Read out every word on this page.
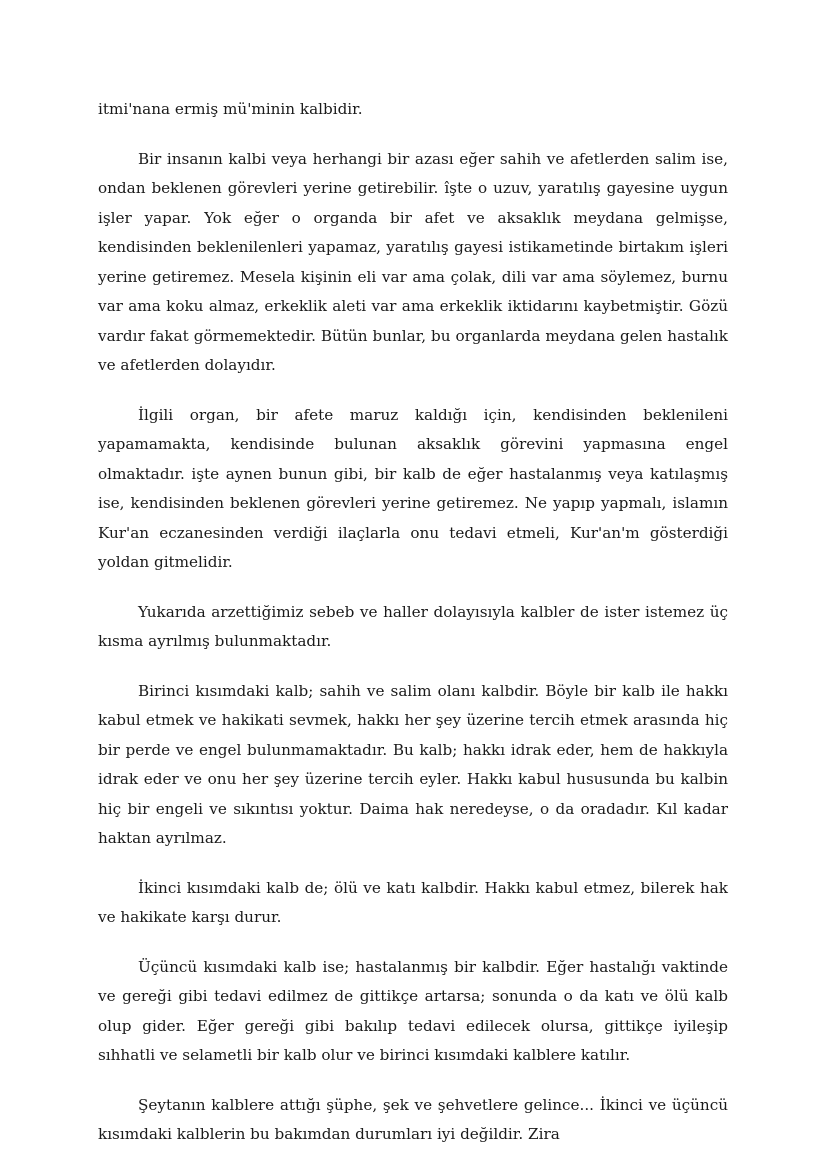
itmi'nana ermiş mü'minin kalbidir.

Bir insanın kalbi veya herhangi bir azası eğer sahih ve afetlerden salim ise, ondan beklenen görevleri yerine getirebilir. îşte o uzuv, yaratılış gayesine uygun işler yapar. Yok eğer o organda bir afet ve aksaklık meydana gelmişse, kendisinden beklenilenleri yapamaz, yaratılış gayesi istikametinde birtakım işleri yerine getiremez. Mesela kişinin eli var ama çolak, dili var ama söylemez, burnu var ama koku almaz, erkeklik aleti var ama erkeklik iktidarını kaybetmiştir. Gözü vardır fakat görmemektedir. Bütün bunlar, bu organlarda meydana gelen hastalık ve afetlerden dolayıdır.

İlgili organ, bir afete maruz kaldığı için, kendisinden beklenileni yapamamakta, kendisinde bulunan aksaklık görevini yapmasına engel olmaktadır. işte aynen bunun gibi, bir kalb de eğer hastalanmış veya katılaşmış ise, kendisinden beklenen görevleri yerine getiremez. Ne yapıp yapmalı, islamın Kur'an eczanesinden verdiği ilaçlarla onu tedavi etmeli, Kur'an'm gösterdiği yoldan gitmelidir.

Yukarıda arzettiğimiz sebeb ve haller dolayısıyla kalbler de ister istemez üç kısma ayrılmış bulunmaktadır.

Birinci kısımdaki kalb; sahih ve salim olanı kalbdir. Böyle bir kalb ile hakkı kabul etmek ve hakikati sevmek, hakkı her şey üzerine tercih etmek arasında hiç bir perde ve engel bulunmamaktadır. Bu kalb; hakkı idrak eder, hem de hakkıyla idrak eder ve onu her şey üzerine tercih eyler. Hakkı kabul hususunda bu kalbin hiç bir engeli ve sıkıntısı yoktur. Daima hak neredeyse, o da oradadır. Kıl kadar haktan ayrılmaz.

İkinci kısımdaki kalb de; ölü ve katı kalbdir. Hakkı kabul etmez, bilerek hak ve hakikate karşı durur.

Üçüncü kısımdaki kalb ise; hastalanmış bir kalbdir. Eğer hastalığı vaktinde ve gereği gibi tedavi edilmez de gittikçe artarsa; sonunda o da katı ve ölü kalb olup gider. Eğer gereği gibi bakılıp tedavi edilecek olursa, gittikçe iyileşip sıhhatli ve selametli bir kalb olur ve birinci kısımdaki kalblere katılır.

Şeytanın kalblere attığı şüphe, şek ve şehvetlere gelince... İkinci ve üçüncü kısımdaki kalblerin bu bakımdan durumları iyi değildir. Zira
